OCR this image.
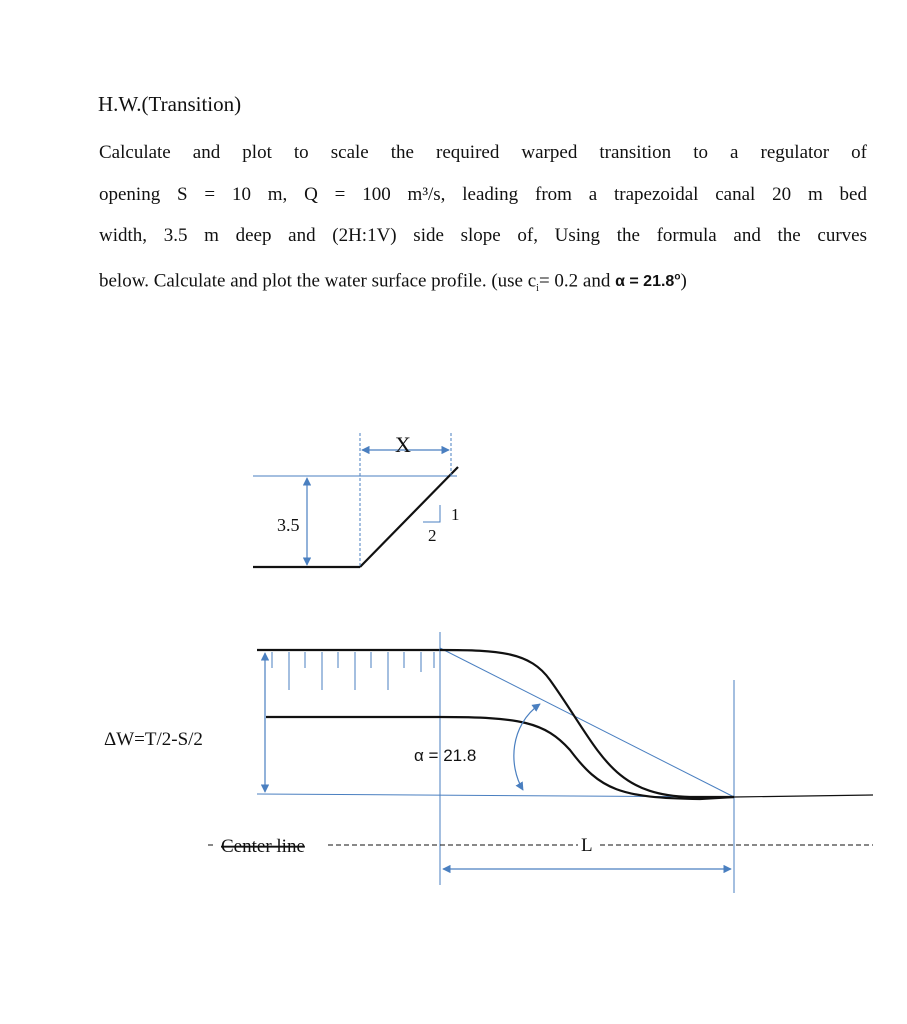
H.W.(Transition)
Calculate and plot to scale the required warped transition to a regulator of
opening S = 10 m, Q = 100 m³/s, leading from a trapezoidal canal 20 m bed
width, 3.5 m deep and (2H:1V) side slope of, Using the formula and the curves
below. Calculate and plot the water surface profile. (use $c_i= 0.2$ and $\alpha = 21.8^o$)
X
3.5
2
1
ΔW=T/2-S/2
α = 21.8
Center line	L
